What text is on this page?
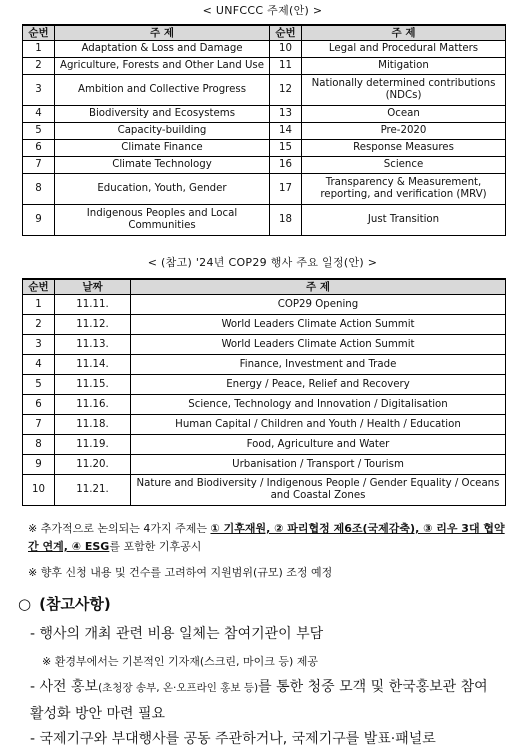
< UNFCCC 주제(안) >
순번	주 제	순번	주 제
1	Adaptation & Loss and Damage	10	Legal and Procedural Matters
2	Agriculture, Forests and Other Land Use	11	Mitigation
3	Ambition and Collective Progress	12	Nationally determined contributions (NDCs)
4	Biodiversity and Ecosystems	13	Ocean
5	Capacity-building	14	Pre-2020
6	Climate Finance	15	Response Measures
7	Climate Technology	16	Science
8	Education, Youth, Gender	17	Transparency & Measurement, reporting, and verification (MRV)
9	Indigenous Peoples and Local Communities	18	Just Transition
< (참고) '24년 COP29 행사 주요 일정(안) >
순번	날짜	주 제
1	11.11.	COP29 Opening
2	11.12.	World Leaders Climate Action Summit
3	11.13.	World Leaders Climate Action Summit
4	11.14.	Finance, Investment and Trade
5	11.15.	Energy / Peace, Relief and Recovery
6	11.16.	Science, Technology and Innovation / Digitalisation
7	11.18.	Human Capital / Children and Youth / Health / Education
8	11.19.	Food, Agriculture and Water
9	11.20.	Urbanisation / Transport / Tourism
10	11.21.	Nature and Biodiversity / Indigenous People / Gender Equality / Oceans and Coastal Zones
※ 추가적으로 논의되는 4가지 주제는 ① 기후재원, ② 파리협정 제6조(국제감축), ③ 리우 3대 협약 간 연계, ④ ESG를 포함한 기후공시
※ 향후 신청 내용 및 건수를 고려하여 지원범위(규모) 조정 예정
○ (참고사항)
- 행사의 개최 관련 비용 일체는 참여기관이 부담
※ 환경부에서는 기본적인 기자재(스크린, 마이크 등) 제공
- 사전 홍보(초청장 송부, 온·오프라인 홍보 등)를 통한 청중 모객 및 한국홍보관 참여 활성화 방안 마련 필요
- 국제기구와 부대행사를 공동 주관하거나, 국제기구를 발표·패널로
